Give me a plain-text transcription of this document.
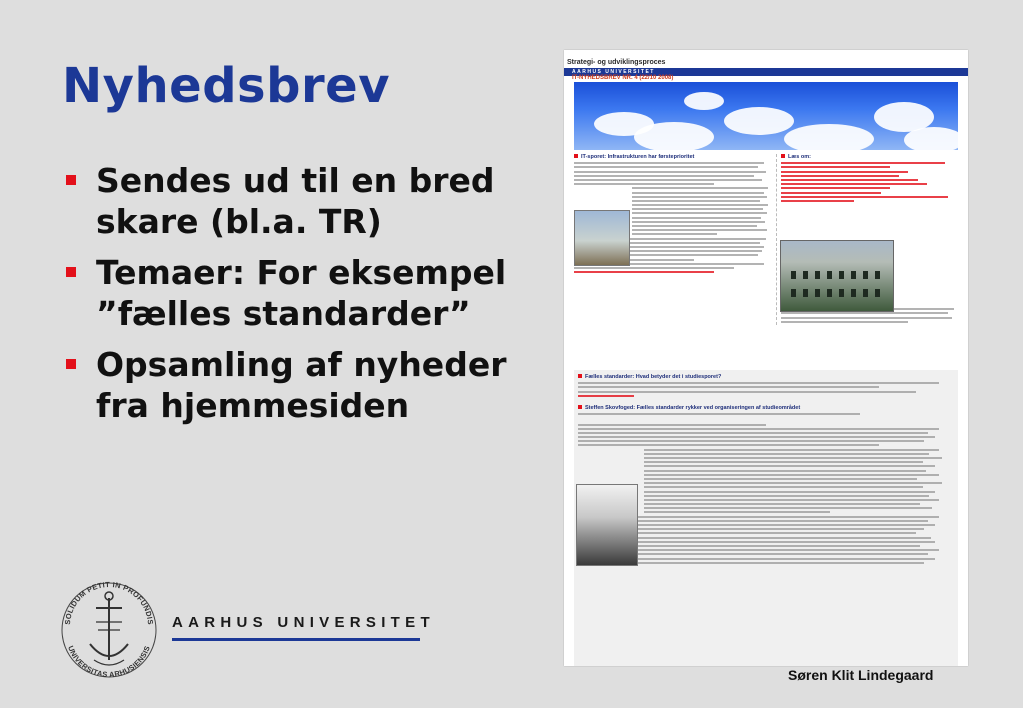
Nyhedsbrev
Sendes ud til en bred skare (bl.a. TR)
Temaer: For eksempel ”fælles standarder”
Opsamling af nyheder fra hjemmesiden
Strategi- og udviklingsproces
AARHUS UNIVERSITET
IT-NYHEDSBREV NR. 4 (22/10 2008)
IT-sporet: Infrastrukturen har førsteprioritet	Læs om:
Fælles standarder: Hvad betyder det i studiesporet?
Steffen Skovfoged: Fælles standarder rykker ved organiseringen af studieområdet
SOLIDUM PETIT IN PROFUNDIS
UNIVERSITAS ARHUSIENSIS
AARHUS UNIVERSITET
Søren Klit Lindegaard
